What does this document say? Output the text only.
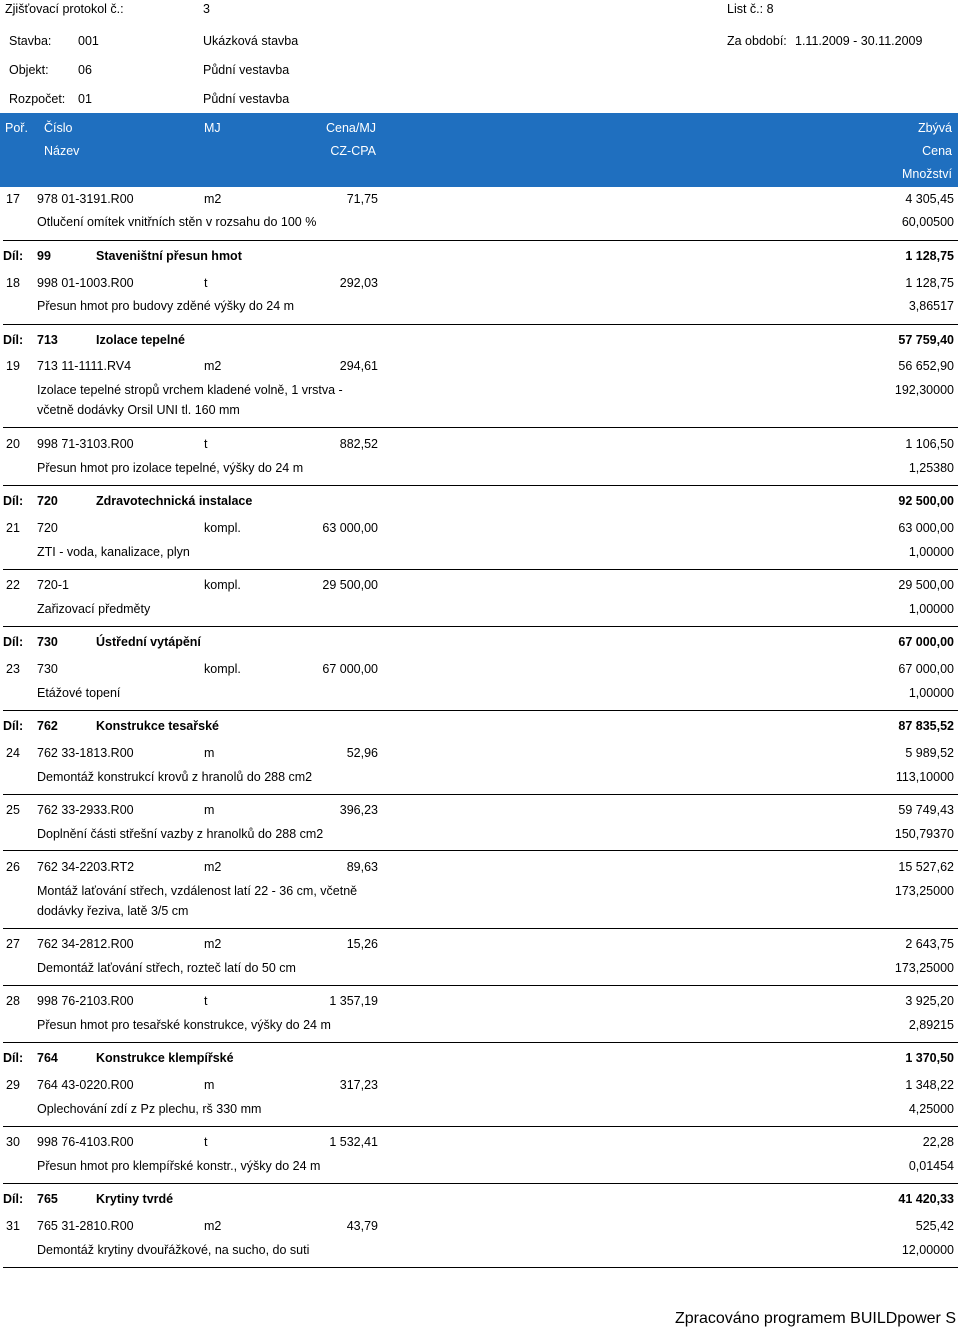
Zjišťovací protokol č.:	3	List č.: 8
Stavba: 001	Ukázková stavba	Za období: 1.11.2009 - 30.11.2009
Objekt: 06	Půdní vestavba
Rozpočet: 01	Půdní vestavba
Poř. Číslo	MJ	Cena/MJ	Zbývá
Název	CZ-CPA	Cena
Množství
17 978 01-3191.R00	m2	71,75	4 305,45
Otlučení omítek vnitřních stěn v rozsahu do 100 %	60,00500
Díl: 99	Staveništní přesun hmot	1 128,75
18 998 01-1003.R00	t	292,03	1 128,75
Přesun hmot pro budovy zděné výšky do 24 m	3,86517
Díl: 713	Izolace tepelné	57 759,40
19 713 11-1111.RV4	m2	294,61	56 652,90
Izolace tepelné stropů vrchem kladené volně, 1 vrstva -	192,30000
včetně dodávky Orsil UNI tl. 160 mm
20 998 71-3103.R00	t	882,52	1 106,50
Přesun hmot pro izolace tepelné, výšky do 24 m	1,25380
Díl: 720	Zdravotechnická instalace	92 500,00
21 720	kompl.	63 000,00	63 000,00
ZTI - voda, kanalizace, plyn	1,00000
22 720-1	kompl.	29 500,00	29 500,00
Zařizovací předměty	1,00000
Díl: 730	Ústřední vytápění	67 000,00
23 730	kompl.	67 000,00	67 000,00
Etážové topení	1,00000
Díl: 762	Konstrukce tesařské	87 835,52
24 762 33-1813.R00	m	52,96	5 989,52
Demontáž konstrukcí krovů z hranolů do 288 cm2	113,10000
25 762 33-2933.R00	m	396,23	59 749,43
Doplnění části střešní vazby z hranolků do 288 cm2	150,79370
26 762 34-2203.RT2	m2	89,63	15 527,62
Montáž laťování střech, vzdálenost latí 22 - 36 cm, včetně	173,25000
dodávky řeziva, latě 3/5 cm
27 762 34-2812.R00	m2	15,26	2 643,75
Demontáž laťování střech, rozteč latí do 50 cm	173,25000
28 998 76-2103.R00	t	1 357,19	3 925,20
Přesun hmot pro tesařské konstrukce, výšky do 24 m	2,89215
Díl: 764	Konstrukce klempířské	1 370,50
29 764 43-0220.R00	m	317,23	1 348,22
Oplechování zdí z Pz plechu, rš 330 mm	4,25000
30 998 76-4103.R00	t	1 532,41	22,28
Přesun hmot pro klempířské konstr., výšky do 24 m	0,01454
Díl: 765	Krytiny tvrdé	41 420,33
31 765 31-2810.R00	m2	43,79	525,42
Demontáž krytiny dvouřážkové, na sucho, do suti	12,00000
Zpracováno programem BUILDpower S
